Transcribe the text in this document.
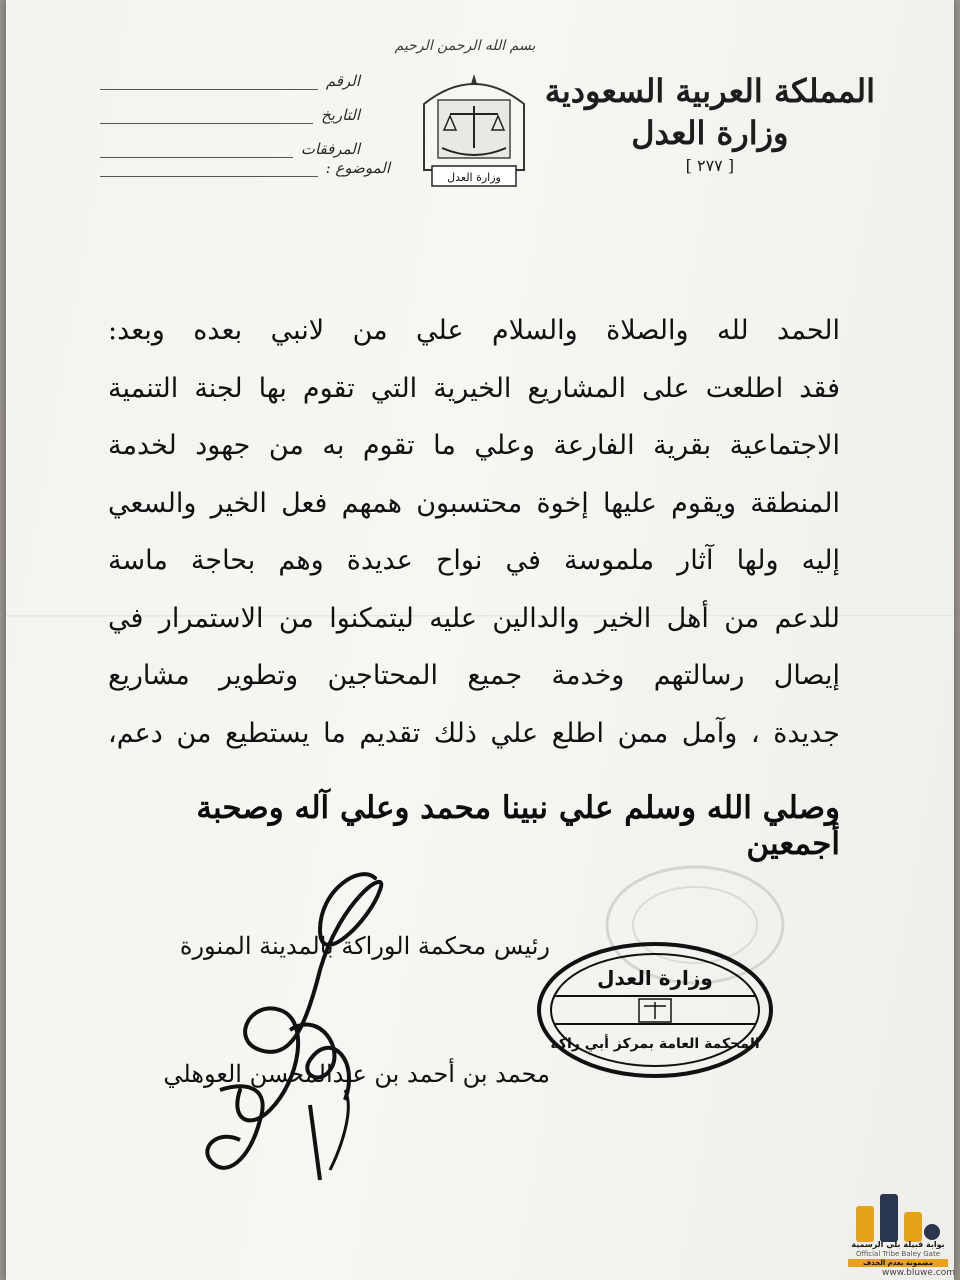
بسم الله الرحمن الرحيم
المملكة العربية السعودية
وزارة العدل
[ ٢٧٧ ]
وزارة العدل
الرقم
التاريخ
المرفقات
الموضوع :

الحمد لله والصلاة والسلام علي من لانبي بعده وبعد:

فقد اطلعت على المشاريع الخيرية التي تقوم بها لجنة التنمية

الاجتماعية بقرية الفارعة وعلي ما تقوم به من جهود لخدمة

المنطقة ويقوم عليها إخوة محتسبون همهم فعل الخير والسعي

إليه ولها آثار ملموسة في نواح عديدة وهم بحاجة ماسة

للدعم من أهل الخير والدالين عليه ليتمكنوا من الاستمرار في

إيصال رسالتهم وخدمة جميع المحتاجين وتطوير مشاريع

جديدة ، وآمل ممن اطلع علي ذلك تقديم ما يستطيع من دعم،

وصلي الله وسلم علي نبينا محمد وعلي آله وصحبة أجمعين
رئيس محكمة الوراكة بالمدينة المنورة
محمد بن أحمد بن عبدالمحسن العوهلي
وزارة العدل
المحكمة العامة بمركز أبي راكة
بوابة قبيلة بلي الرسمية
Official Tribe Baley Gate
مضمونة بعدم الحذف
www.bluwe.com
